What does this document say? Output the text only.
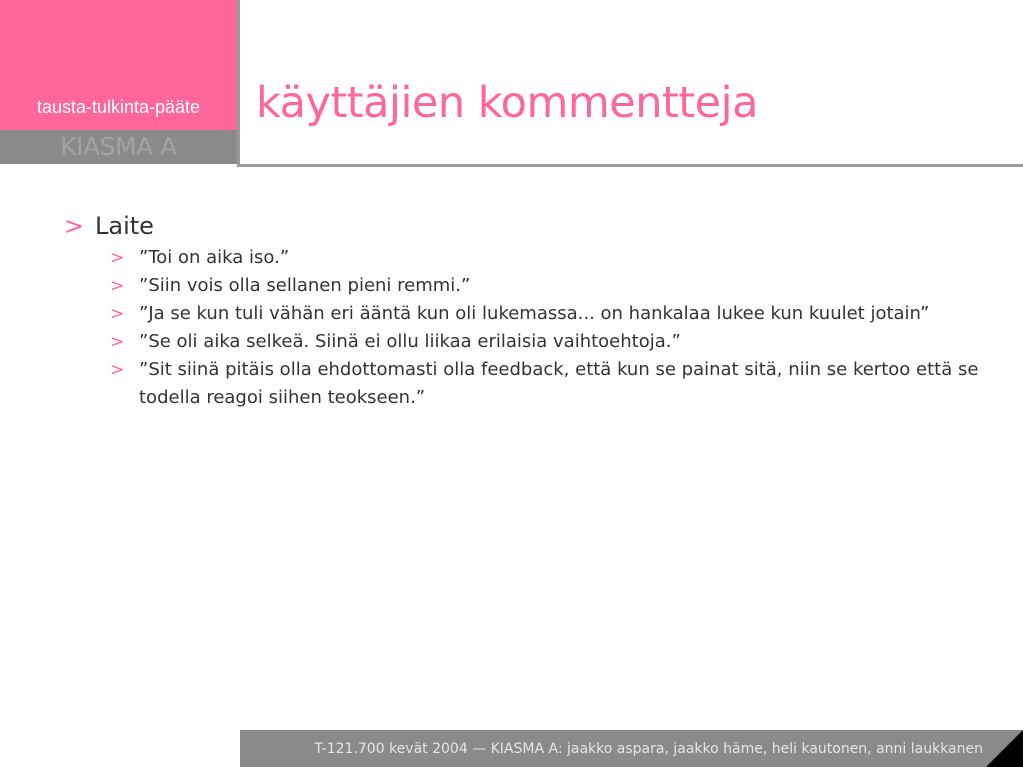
tausta-tulkinta-pääte
KIASMA A
käyttäjien kommentteja
> Laite
> ”Toi on aika iso.”
> ”Siin vois olla sellanen pieni remmi.”
> ”Ja se kun tuli vähän eri ääntä kun oli lukemassa... on hankalaa lukee kun kuulet jotain”
> ”Se oli aika selkeä. Siinä ei ollu liikaa erilaisia vaihtoehtoja.”
> ”Sit siinä pitäis olla ehdottomasti olla feedback, että kun se painat sitä, niin se kertoo että se todella reagoi siihen teokseen.”
T-121.700 kevät 2004 — KIASMA A: jaakko aspara, jaakko häme, heli kautonen, anni laukkanen
